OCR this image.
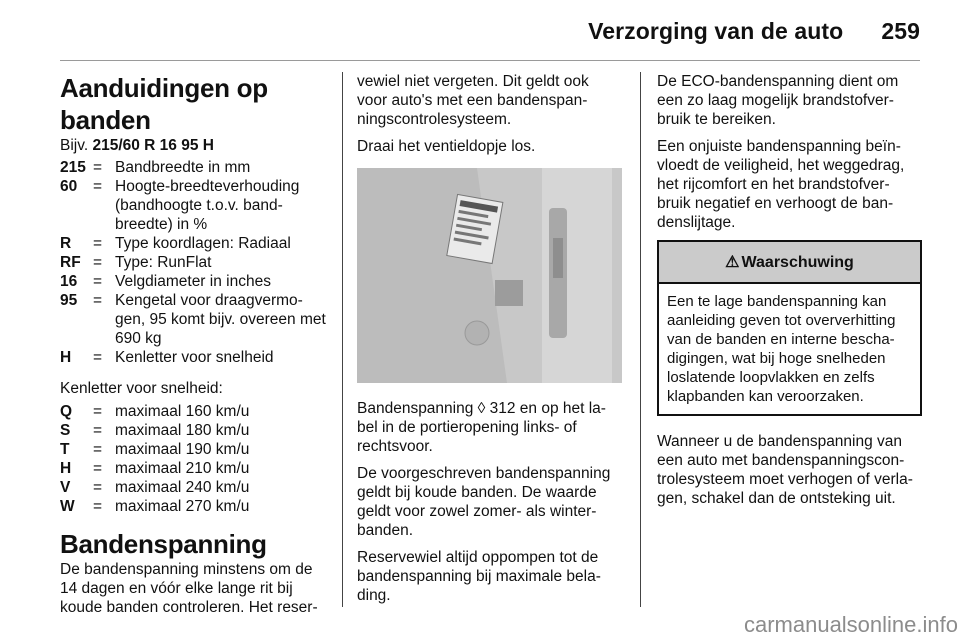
Verzorging van de auto 259
Aanduidingen op banden

Bijv. 215/60 R 16 95 H

215	=	Bandbreedte in mm
60	=	Hoogte-breedteverhouding (bandhoogte t.o.v. band-breedte) in %
R	=	Type koordlagen: Radiaal
RF	=	Type: RunFlat
16	=	Velgdiameter in inches
95	=	Kengetal voor draagvermo-gen, 95 komt bijv. overeen met 690 kg
H	=	Kenletter voor snelheid

Kenletter voor snelheid:

Q	=	maximaal 160 km/u
S	=	maximaal 180 km/u
T	=	maximaal 190 km/u
H	=	maximaal 210 km/u
V	=	maximaal 240 km/u
W	=	maximaal 270 km/u
Bandenspanning

De bandenspanning minstens om de 14 dagen en vóór elke lange rit bij koude banden controleren. Het reser-

vewiel niet vergeten. Dit geldt ook voor auto's met een bandenspan-ningscontrolesysteem.

Draai het ventieldopje los.

Bandenspanning ◊ 312 en op het la-bel in de portieropening links- of rechtsvoor.

De voorgeschreven bandenspanning geldt bij koude banden. De waarde geldt voor zowel zomer- als winter-banden.

Reservewiel altijd oppompen tot de bandenspanning bij maximale bela-ding.

De ECO-bandenspanning dient om een zo laag mogelijk brandstofver-bruik te bereiken.

Een onjuiste bandenspanning beïn-vloedt de veiligheid, het weggedrag, het rijcomfort en het brandstofver-bruik negatief en verhoogt de ban-denslijtage.

⚠ Waarschuwing
Een te lage bandenspanning kan aanleiding geven tot oververhitting van de banden en interne bescha-digingen, wat bij hoge snelheden loslatende loopvlakken en zelfs klapbanden kan veroorzaken.

Wanneer u de bandenspanning van een auto met bandenspanningscon-trolesysteem moet verhogen of verla-gen, schakel dan de ontsteking uit.

carmanualsonline.info
